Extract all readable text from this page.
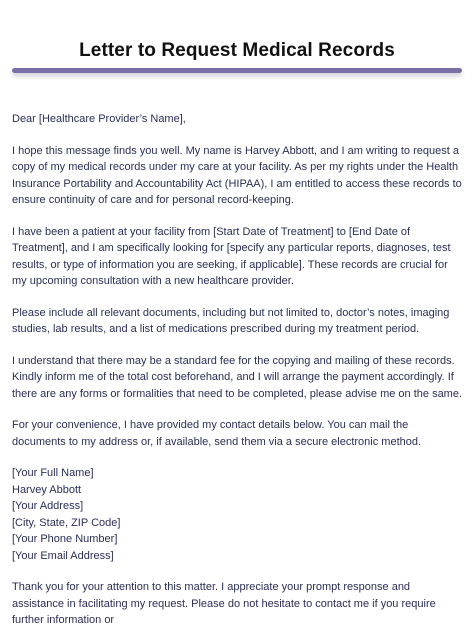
Letter to Request Medical Records

Dear [Healthcare Provider’s Name],

I hope this message finds you well. My name is Harvey Abbott, and I am writing to request a copy of my medical records under my care at your facility. As per my rights under the Health Insurance Portability and Accountability Act (HIPAA), I am entitled to access these records to ensure continuity of care and for personal record-keeping.

I have been a patient at your facility from [Start Date of Treatment] to [End Date of Treatment], and I am specifically looking for [specify any particular reports, diagnoses, test results, or type of information you are seeking, if applicable]. These records are crucial for my upcoming consultation with a new healthcare provider.

Please include all relevant documents, including but not limited to, doctor’s notes, imaging studies, lab results, and a list of medications prescribed during my treatment period.

I understand that there may be a standard fee for the copying and mailing of these records. Kindly inform me of the total cost beforehand, and I will arrange the payment accordingly. If there are any forms or formalities that need to be completed, please advise me on the same.

For your convenience, I have provided my contact details below. You can mail the documents to my address or, if available, send them via a secure electronic method.

[Your Full Name]
Harvey Abbott
[Your Address]
[City, State, ZIP Code]
[Your Phone Number]
[Your Email Address]

Thank you for your attention to this matter. I appreciate your prompt response and assistance in facilitating my request. Please do not hesitate to contact me if you require further information or
